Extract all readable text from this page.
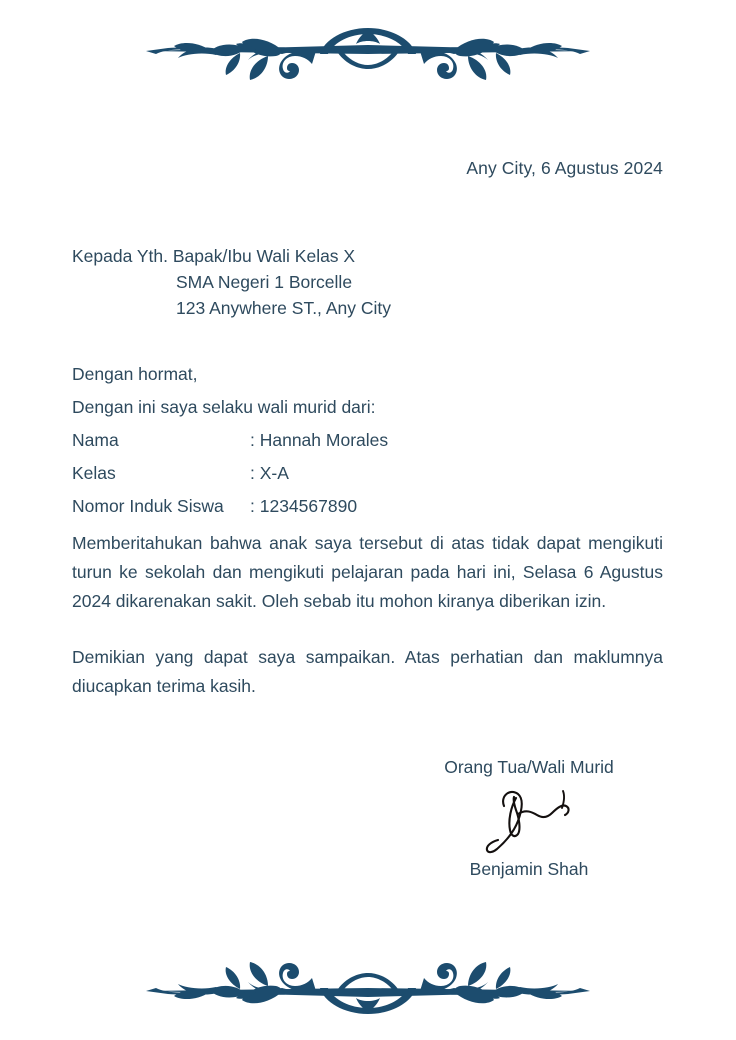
Any City, 6 Agustus 2024
Kepada Yth. Bapak/Ibu Wali Kelas X
SMA Negeri 1 Borcelle
123 Anywhere ST., Any City
Dengan hormat,
Dengan ini saya selaku wali murid dari:
Nama	: Hannah Morales
Kelas	: X-A
Nomor Induk Siswa	: 1234567890
Memberitahukan bahwa anak saya tersebut di atas tidak dapat mengikuti turun ke sekolah dan mengikuti pelajaran pada hari ini, Selasa 6 Agustus 2024 dikarenakan sakit. Oleh sebab itu mohon kiranya diberikan izin.
Demikian yang dapat saya sampaikan. Atas perhatian dan maklumnya diucapkan terima kasih.
Orang Tua/Wali Murid
Benjamin Shah
